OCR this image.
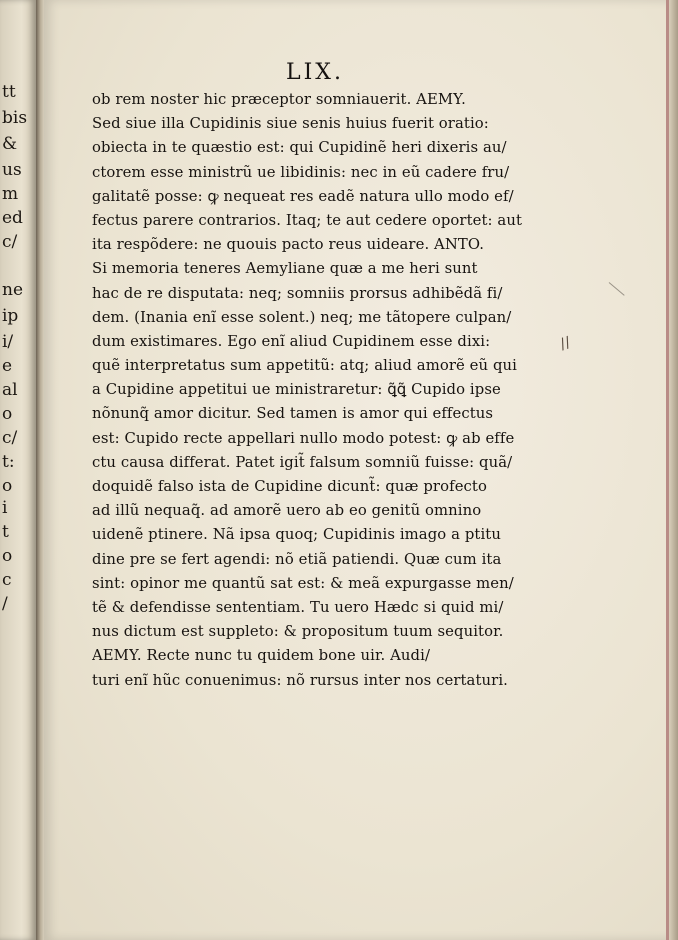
tt
bis
&
us
m
ed
c/
ne
ip
i/
e
al
o
c/
t:
o
i
t
o
c
/
LIX.
ob rem noster hic præceptor somniauerit. AEMY.
Sed siue illa Cupidinis siue senis huius fuerit oratio:
obiecta in te quæstio est: qui Cupidinẽ heri dixeris au/
ctorem esse ministrũ ue libidinis: nec in eũ cadere fru/
galitatẽ posse: ꝙ nequeat res eadẽ natura ullo modo ef/
fectus parere contrarios. Itaq; te aut cedere oportet: aut
ita respõdere: ne quouis pacto reus uideare. ANTO.
Si memoria teneres Aemyliane quæ a me heri sunt
hac de re disputata: neq; somniis prorsus adhibẽdã fi/
dem. (Inania enĩ esse solent.) neq; me tãtopere culpan/
dum existimares. Ego enĩ aliud Cupidinem esse dixi:
quẽ interpretatus sum appetitũ: atq; aliud amorẽ eũ qui
a Cupidine appetitui ue ministraretur: ꝗ̃ꝗ̃ Cupido ipse
nõnunq̃ amor dicitur. Sed tamen is amor qui effectus
est: Cupido recte appellari nullo modo potest: ꝙ ab effe
ctu causa differat. Patet igit̃ falsum somniũ fuisse: quã/
doquidẽ falso ista de Cupidine dicunt̃: quæ profecto
ad illũ nequaq̃. ad amorẽ uero ab eo genitũ omnino
uidenẽ ptinere. Nã ipsa quoq; Cupidinis imago a ptitu
dine pre se fert agendi: nõ etiã patiendi. Quæ cum ita
sint: opinor me quantũ sat est: & meã expurgasse men/
tẽ & defendisse sententiam. Tu uero Hædc si quid mi/
nus dictum est suppleto: & propositum tuum sequitor.
AEMY. Recte nunc tu quidem bone uir. Audi/
turi enĩ hũc conuenimus: nõ rursus inter nos certaturi.
//
